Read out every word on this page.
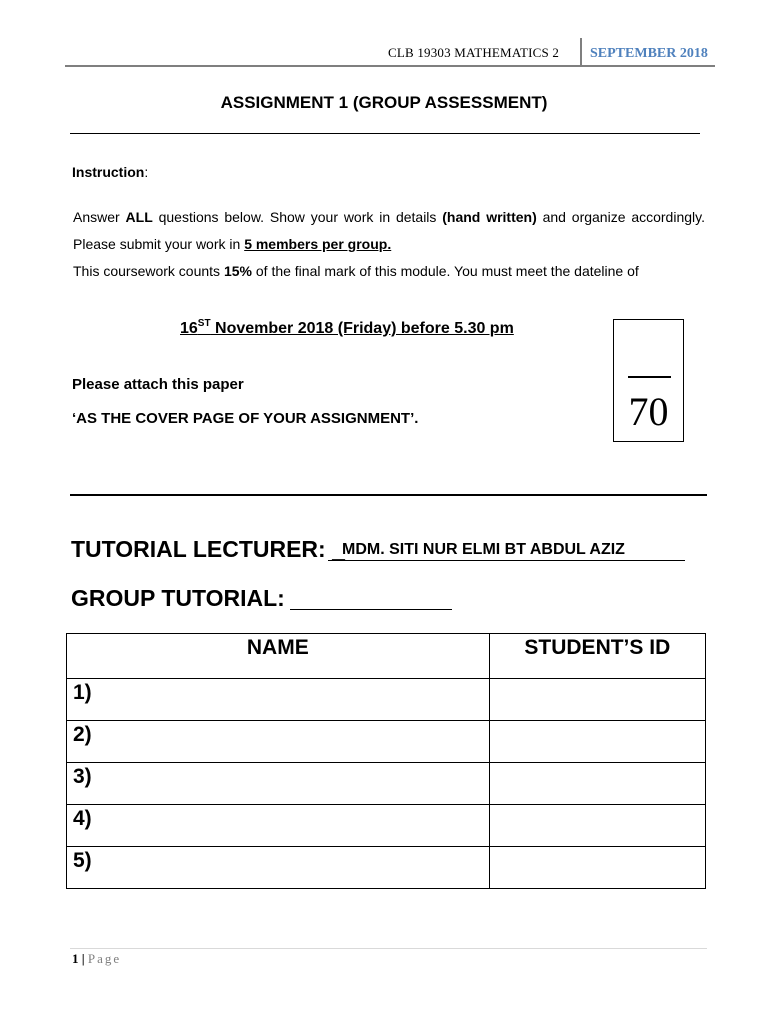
CLB 19303 MATHEMATICS 2 SEPTEMBER 2018
ASSIGNMENT 1 (GROUP ASSESSMENT)
Instruction:
Answer ALL questions below. Show your work in details (hand written) and organize accordingly. Please submit your work in 5 members per group.
This coursework counts 15% of the final mark of this module. You must meet the dateline of
16ST November 2018 (Friday) before 5.30 pm
Please attach this paper
‘AS THE COVER PAGE OF YOUR ASSIGNMENT’.	70
TUTORIAL LECTURER: _
MDM. SITI NUR ELMI BT ABDUL AZIZ
GROUP TUTORIAL:
NAME	STUDENT’S ID
1)	
2)	
3)	
4)	
5)	
1 | Page
